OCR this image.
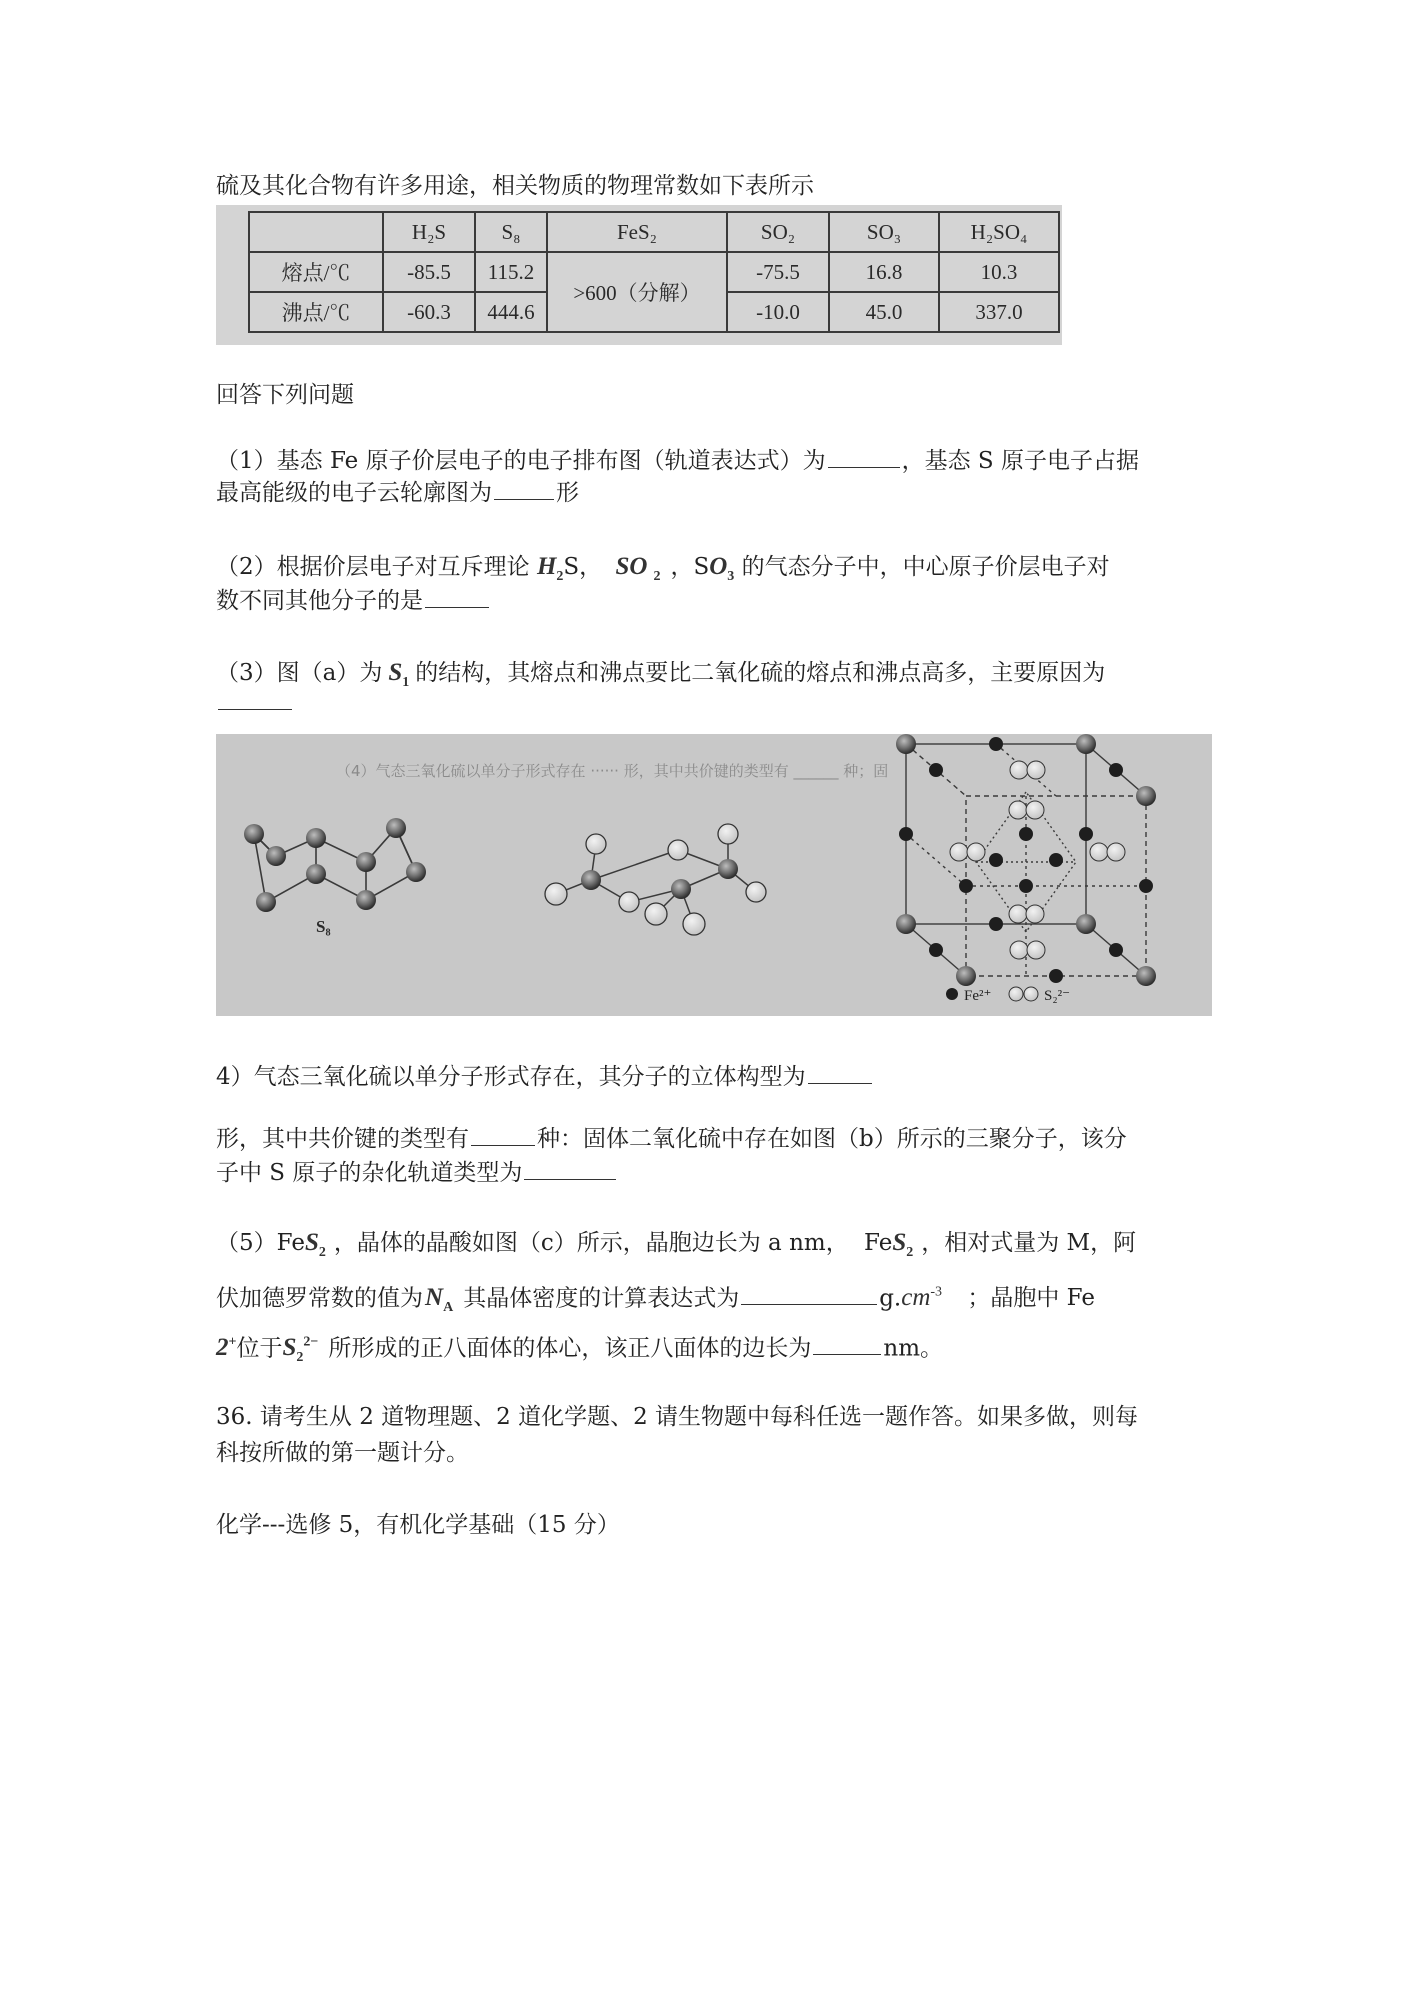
硫及其化合物有许多用途，相关物质的物理常数如下表所示
	H₂S	S₈	FeS₂	SO₂	SO₃	H₂SO₄
熔点/℃	-85.5	115.2	>600（分解）	-75.5	16.8	10.3
沸点/℃	-60.3	444.6		-10.0	45.0	337.0
回答下列问题
（1）基态 Fe 原子价层电子的电子排布图（轨道表达式）为	，基态 S 原子电子占据
最高能级的电子云轮廓图为	形
（2）根据价层电子对互斥理论 $H_2S$， SO $_2$ ，$SO_3$ 的气态分子中，中心原子价层电子对
数不同其他分子的是
（3）图（a）为 $S_1$ 的结构，其熔点和沸点要比二氧化硫的熔点和沸点高多，主要原因为
（4）气态三氧化硫以单分子形式存在 ······ 形，其中共价键的类型有 ______ 种；固
S₈
Fe²⁺	S₂²⁻
4）气态三氧化硫以单分子形式存在，其分子的立体构型为
形，其中共价键的类型有	种：固体二氧化硫中存在如图（b）所示的三聚分子，该分
子中 S 原子的杂化轨道类型为
（5）FeS$_2$ ，晶体的晶酸如图（c）所示，晶胞边长为 a nm， FeS$_2$ ，相对式量为 M，阿
伏加德罗常数的值为$N_A$ 其晶体密度的计算表达式为	$g.cm^{-3}$ ；晶胞中 Fe
2+位于$S_2^{2-}$ 所形成的正八面体的体心，该正八面体的边长为	nm。
36. 请考生从 2 道物理题、2 道化学题、2 请生物题中每科任选一题作答。如果多做，则每
科按所做的第一题计分。
化学---选修 5，有机化学基础（15 分）
